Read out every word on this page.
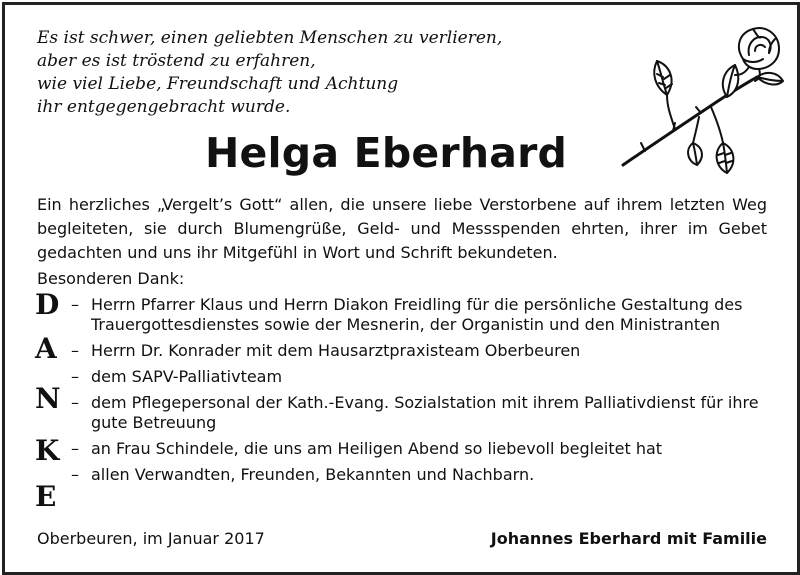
Es ist schwer, einen geliebten Menschen zu verlieren,
aber es ist tröstend zu erfahren,
wie viel Liebe, Freundschaft und Achtung
ihr entgegengebracht wurde.
Helga Eberhard
Ein herzliches „Vergelt’s Gott“ allen, die unsere liebe Verstorbene auf ihrem letzten Weg begleiteten, sie durch Blumengrüße, Geld- und Messspenden ehrten, ihrer im Gebet gedachten und uns ihr Mitgefühl in Wort und Schrift bekundeten.
Besonderen Dank:
D
A
N
K
E
– Herrn Pfarrer Klaus und Herrn Diakon Freidling für die persönliche Gestaltung des Trauergottesdienstes sowie der Mesnerin, der Organistin und den Ministranten
– Herrn Dr. Konrader mit dem Hausarztpraxisteam Oberbeuren
– dem SAPV-Palliativteam
– dem Pflegepersonal der Kath.-Evang. Sozialstation mit ihrem Palliativdienst für ihre gute Betreuung
– an Frau Schindele, die uns am Heiligen Abend so liebevoll begleitet hat
– allen Verwandten, Freunden, Bekannten und Nachbarn.
Oberbeuren, im Januar 2017	Johannes Eberhard mit Familie
